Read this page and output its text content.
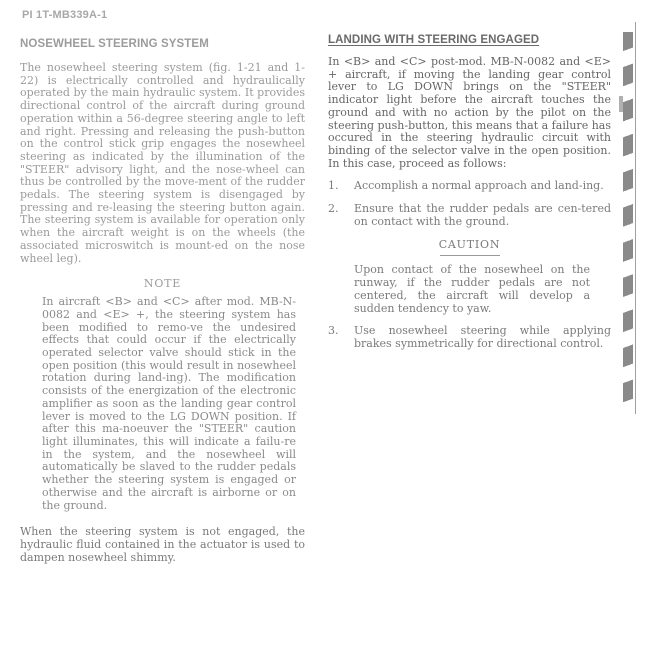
PI 1T-MB339A-1
NOSEWHEEL STEERING SYSTEM

The nosewheel steering system (fig. 1-21 and 1-22) is electrically controlled and hydraulically operated by the main hydraulic system. It provides directional control of the aircraft during ground operation within a 56-degree steering angle to left and right. Pressing and releasing the push-button on the control stick grip engages the nosewheel steering as indicated by the illumination of the "STEER" advisory light, and the nose-wheel can thus be controlled by the move-ment of the rudder pedals. The steering system is disengaged by pressing and re-leasing the steering button again. The steering system is available for operation only when the aircraft weight is on the wheels (the associated microswitch is mount-ed on the nose wheel leg).

NOTE

In aircraft <B> and <C> after mod. MB-N-0082 and <E> +, the steering system has been modified to remo-ve the undesired effects that could occur if the electrically operated selector valve should stick in the open position (this would result in nosewheel rotation during land-ing). The modification consists of the energization of the electronic amplifier as soon as the landing gear control lever is moved to the LG DOWN position. If after this ma-noeuver the "STEER" caution light illuminates, this will indicate a failu-re in the system, and the nosewheel will automatically be slaved to the rudder pedals whether the steering system is engaged or otherwise and the aircraft is airborne or on the ground.

When the steering system is not engaged, the hydraulic fluid contained in the actuator is used to dampen nosewheel shimmy.

LANDING WITH STEERING ENGAGED

In <B> and <C> post-mod. MB-N-0082 and <E> + aircraft, if moving the landing gear control lever to LG DOWN brings on the "STEER" indicator light before the aircraft touches the ground and with no action by the pilot on the steering push-button, this means that a failure has occured in the steering hydraulic circuit with binding of the selector valve in the open position. In this case, proceed as follows:

1.	Accomplish a normal approach and land-ing.
2.	Ensure that the rudder pedals are cen-tered on contact with the ground.
CAUTION

Upon contact of the nosewheel on the runway, if the rudder pedals are not centered, the aircraft will develop a sudden tendency to yaw.

3.	Use nosewheel steering while applying brakes symmetrically for directional control.
